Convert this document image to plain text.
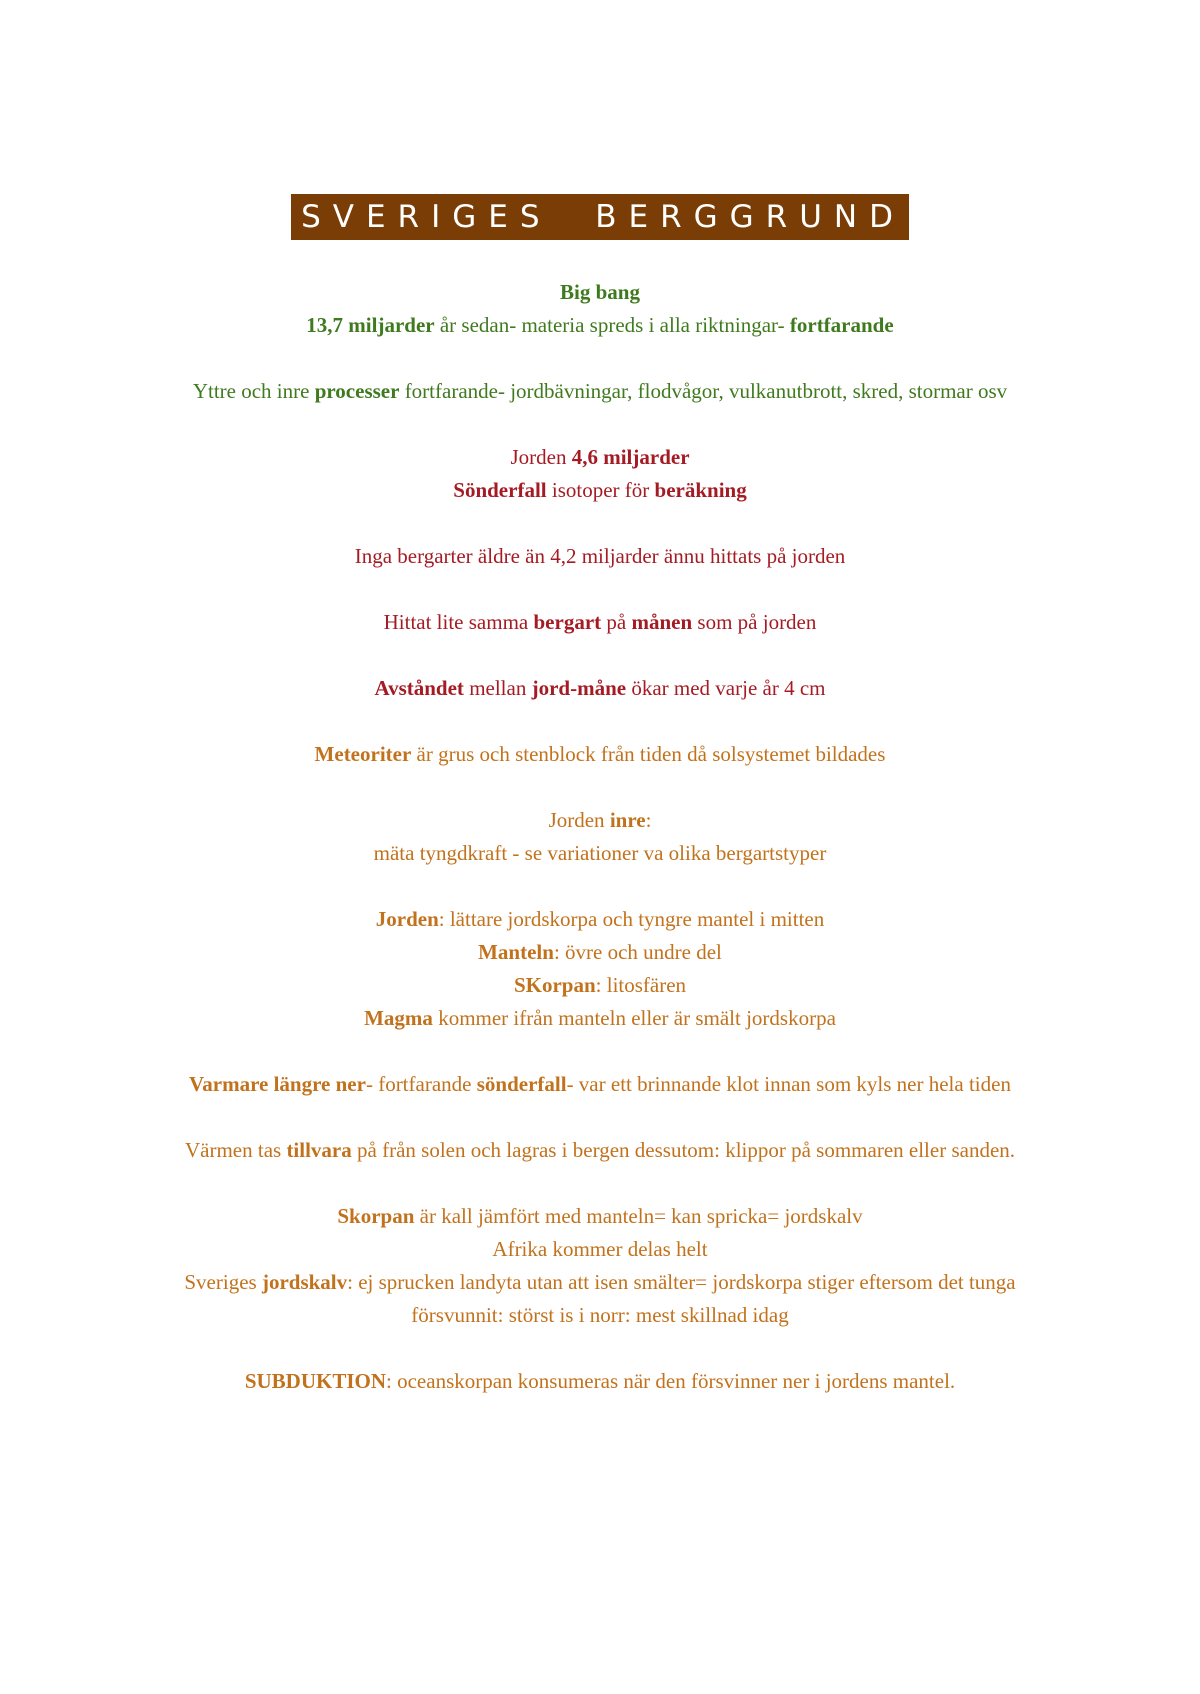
SVERIGES  BERGGRUND
Big bang
13,7 miljarder år sedan- materia spreds i alla riktningar- fortfarande
Yttre och inre processer fortfarande- jordbävningar, flodvågor, vulkanutbrott, skred, stormar osv
Jorden 4,6 miljarder
Sönderfall isotoper för beräkning
Inga bergarter äldre än 4,2 miljarder ännu hittats på jorden
Hittat lite samma bergart på månen som på jorden
Avståndet mellan jord-måne ökar med varje år 4 cm
Meteoriter är grus och stenblock från tiden då solsystemet bildades
Jorden inre:
mäta tyngdkraft - se variationer va olika bergartstyper
Jorden: lättare jordskorpa och tyngre mantel i mitten
Manteln: övre och undre del
SKorpan: litosfären
Magma kommer ifrån manteln eller är smält jordskorpa
Varmare längre ner- fortfarande sönderfall- var ett brinnande klot innan som kyls ner hela tiden
Värmen tas tillvara på från solen och lagras i bergen dessutom: klippor på sommaren eller sanden.
Skorpan är kall jämfört med manteln= kan spricka= jordskalv
Afrika kommer delas helt
Sveriges jordskalv: ej sprucken landyta utan att isen smälter= jordskorpa stiger eftersom det tunga försvunnit: störst is i norr: mest skillnad idag
SUBDUKTION: oceanskorpan konsumeras när den försvinner ner i jordens mantel.
